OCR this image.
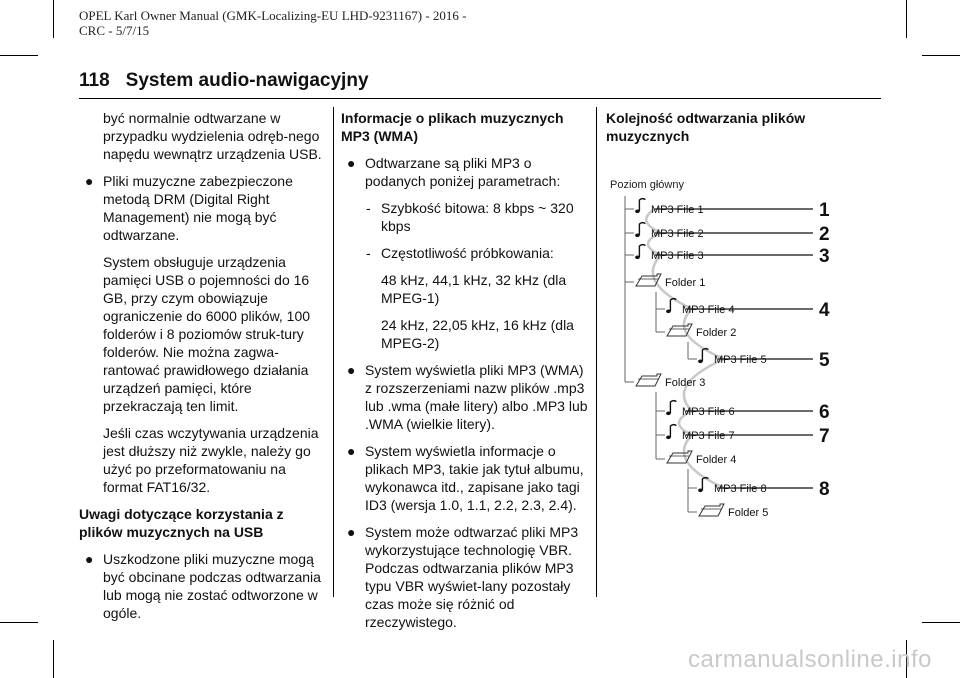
OPEL Karl Owner Manual (GMK-Localizing-EU LHD-9231167) - 2016 -
CRC - 5/7/15
118 System audio-nawigacyjny

być normalnie odtwarzane w przypadku wydzielenia odręb-nego napędu wewnątrz urządzenia USB.

● Pliki muzyczne zabezpieczone metodą DRM (Digital Right Management) nie mogą być odtwarzane.

System obsługuje urządzenia pamięci USB o pojemności do 16 GB, przy czym obowiązuje ograniczenie do 6000 plików, 100 folderów i 8 poziomów struk-tury folderów. Nie można zagwa-rantować prawidłowego działania urządzeń pamięci, które przekraczają ten limit.

Jeśli czas wczytywania urządzenia jest dłuższy niż zwykle, należy go użyć po przeformatowaniu na format FAT16/32.

Uwagi dotyczące korzystania z plików muzycznych na USB

● Uszkodzone pliki muzyczne mogą być obcinane podczas odtwarzania lub mogą nie zostać odtworzone w ogóle.

Informacje o plikach muzycznych MP3 (WMA)

● Odtwarzane są pliki MP3 o podanych poniżej parametrach:

- Szybkość bitowa: 8 kbps ~ 320 kbps

- Częstotliwość próbkowania:

48 kHz, 44,1 kHz, 32 kHz (dla MPEG-1)

24 kHz, 22,05 kHz, 16 kHz (dla MPEG-2)

● System wyświetla pliki MP3 (WMA) z rozszerzeniami nazw plików .mp3 lub .wma (małe litery) albo .MP3 lub .WMA (wielkie litery).

● System wyświetla informacje o plikach MP3, takie jak tytuł albumu, wykonawca itd., zapisane jako tagi ID3 (wersja 1.0, 1.1, 2.2, 2.3, 2.4).

● System może odtwarzać pliki MP3 wykorzystujące technologię VBR. Podczas odtwarzania plików MP3 typu VBR wyświet-lany pozostały czas może się różnić od rzeczywistego.

Kolejność odtwarzania plików muzycznych

Poziom główny
MP3 File 1	1
MP3 File 2	2
MP3 File 3	3
Folder 1
MP3 File 4	4
Folder 2
MP3 File 5	5
Folder 3
MP3 File 6	6
MP3 File 7	7
Folder 4
MP3 File 8	8
Folder 5
carmanualsonline.info
